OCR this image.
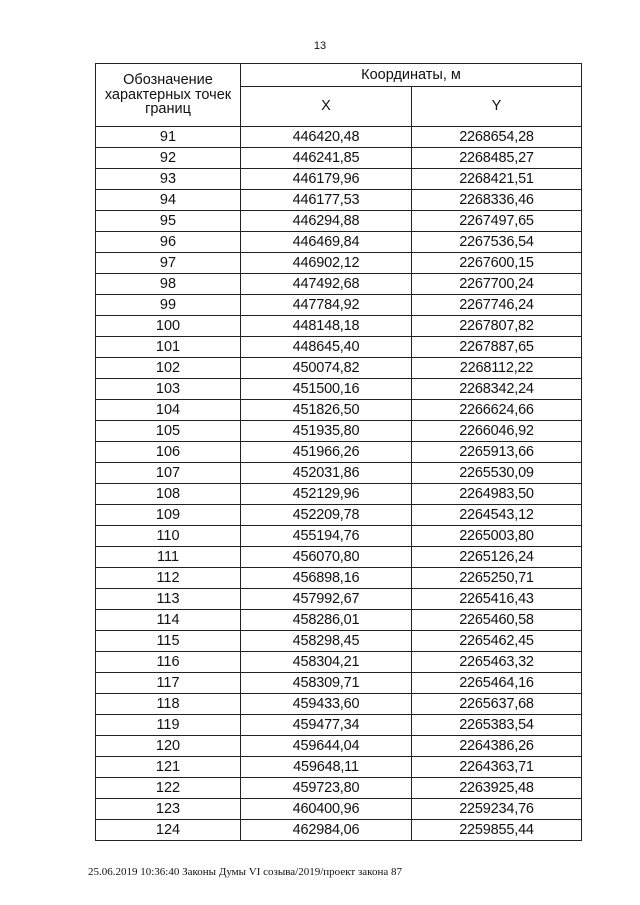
13
Обозначение характерных точек границ	Координаты, м	
	X	Y
91	446420,48	2268654,28
92	446241,85	2268485,27
93	446179,96	2268421,51
94	446177,53	2268336,46
95	446294,88	2267497,65
96	446469,84	2267536,54
97	446902,12	2267600,15
98	447492,68	2267700,24
99	447784,92	2267746,24
100	448148,18	2267807,82
101	448645,40	2267887,65
102	450074,82	2268112,22
103	451500,16	2268342,24
104	451826,50	2266624,66
105	451935,80	2266046,92
106	451966,26	2265913,66
107	452031,86	2265530,09
108	452129,96	2264983,50
109	452209,78	2264543,12
110	455194,76	2265003,80
111	456070,80	2265126,24
112	456898,16	2265250,71
113	457992,67	2265416,43
114	458286,01	2265460,58
115	458298,45	2265462,45
116	458304,21	2265463,32
117	458309,71	2265464,16
118	459433,60	2265637,68
119	459477,34	2265383,54
120	459644,04	2264386,26
121	459648,11	2264363,71
122	459723,80	2263925,48
123	460400,96	2259234,76
124	462984,06	2259855,44
25.06.2019 10:36:40 Законы Думы VI созыва/2019/проект закона 87
